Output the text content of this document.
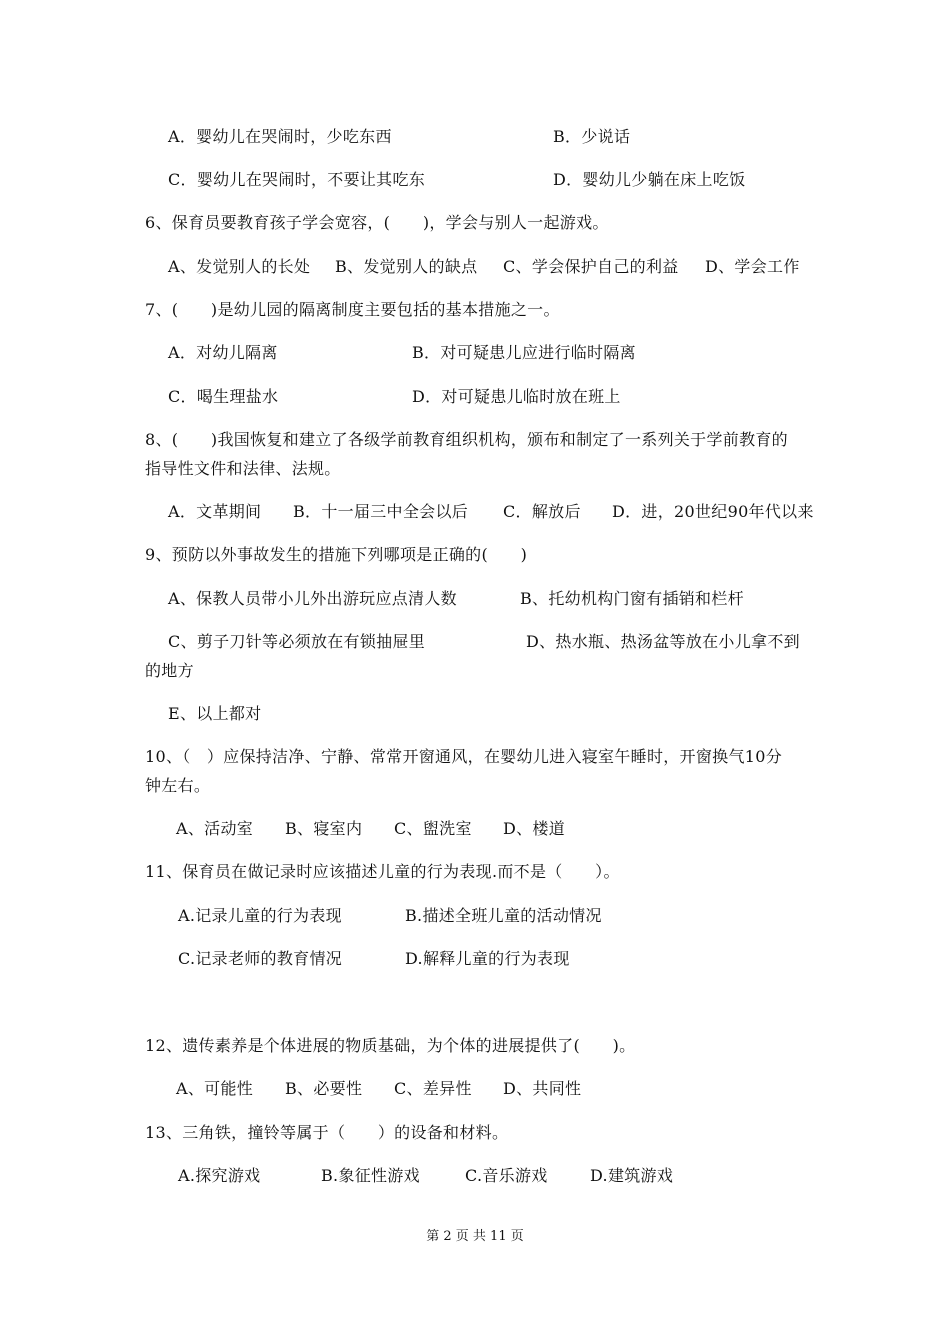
A．婴幼儿在哭闹时，少吃东西	B．少说话
C．婴幼儿在哭闹时，不要让其吃东	D．婴幼儿少躺在床上吃饭
6、保育员要教育孩子学会宽容，(　　)，学会与别人一起游戏。
A、发觉别人的长处 B、发觉别人的缺点 C、学会保护自己的利益 D、学会工作
7、(　　)是幼儿园的隔离制度主要包括的基本措施之一。
A．对幼儿隔离	B．对可疑患儿应进行临时隔离
C．喝生理盐水	D．对可疑患儿临时放在班上
8、(　　)我国恢复和建立了各级学前教育组织机构，颁布和制定了一系列关于学前教育的
指导性文件和法律、法规。
A．文革期间 B．十一届三中全会以后 C．解放后 D．进，20世纪90年代以来
9、预防以外事故发生的措施下列哪项是正确的(　　)
A、保教人员带小儿外出游玩应点清人数	B、托幼机构门窗有插销和栏杆
C、剪子刀针等必须放在有锁抽屉里	D、热水瓶、热汤盆等放在小儿拿不到
的地方
E、以上都对
10、（　）应保持洁净、宁静、常常开窗通风，在婴幼儿进入寝室午睡时，开窗换气10分
钟左右。
A、活动室 B、寝室内 C、盥洗室 D、楼道
11、保育员在做记录时应该描述儿童的行为表现.而不是（　　）。
A.记录儿童的行为表现	B.描述全班儿童的活动情况
C.记录老师的教育情况	D.解释儿童的行为表现
12、遗传素养是个体进展的物质基础，为个体的进展提供了(　　)。
A、可能性 B、必要性 C、差异性 D、共同性
13、三角铁，撞铃等属于（　　）的设备和材料。
A.探究游戏	B.象征性游戏	C.音乐游戏	D.建筑游戏
第 2 页 共 11 页
